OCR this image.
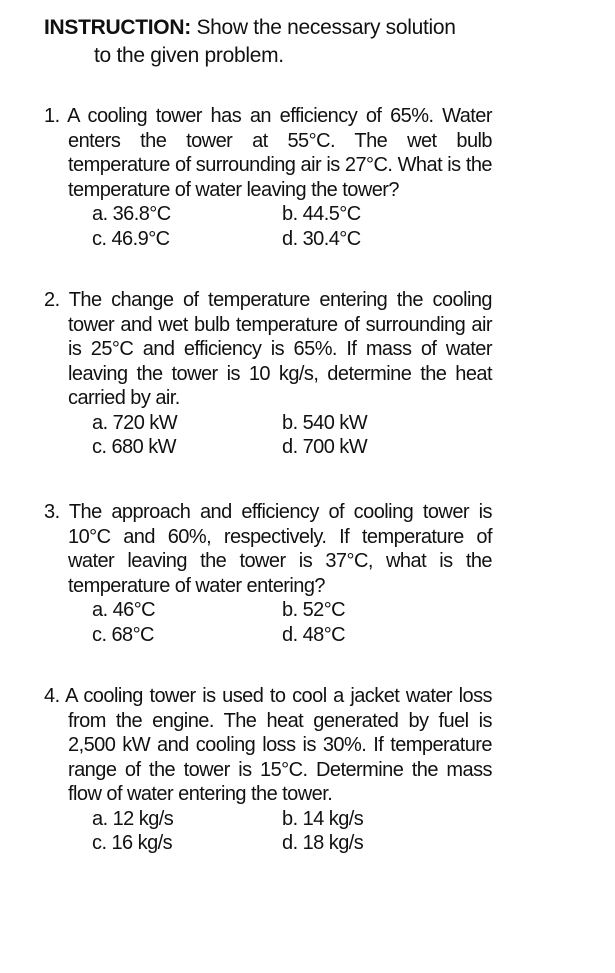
INSTRUCTION: Show the necessary solution
to the given problem.
1. A cooling tower has an efficiency of 65%. Water enters the tower at 55°C. The wet bulb temperature of surrounding air is 27°C. What is the temperature of water leaving the tower?
a. 36.8°C	b. 44.5°C
c. 46.9°C	d. 30.4°C
2. The change of temperature entering the cooling tower and wet bulb temperature of surrounding air is 25°C and efficiency is 65%. If mass of water leaving the tower is 10 kg/s, determine the heat carried by air.
a. 720 kW	b. 540 kW
c. 680 kW	d. 700 kW
3. The approach and efficiency of cooling tower is 10°C and 60%, respectively. If temperature of water leaving the tower is 37°C, what is the temperature of water entering?
a. 46°C	b. 52°C
c. 68°C	d. 48°C
4. A cooling tower is used to cool a jacket water loss from the engine. The heat generated by fuel is 2,500 kW and cooling loss is 30%. If temperature range of the tower is 15°C. Determine the mass flow of water entering the tower.
a. 12 kg/s	b. 14 kg/s
c. 16 kg/s	d. 18 kg/s
